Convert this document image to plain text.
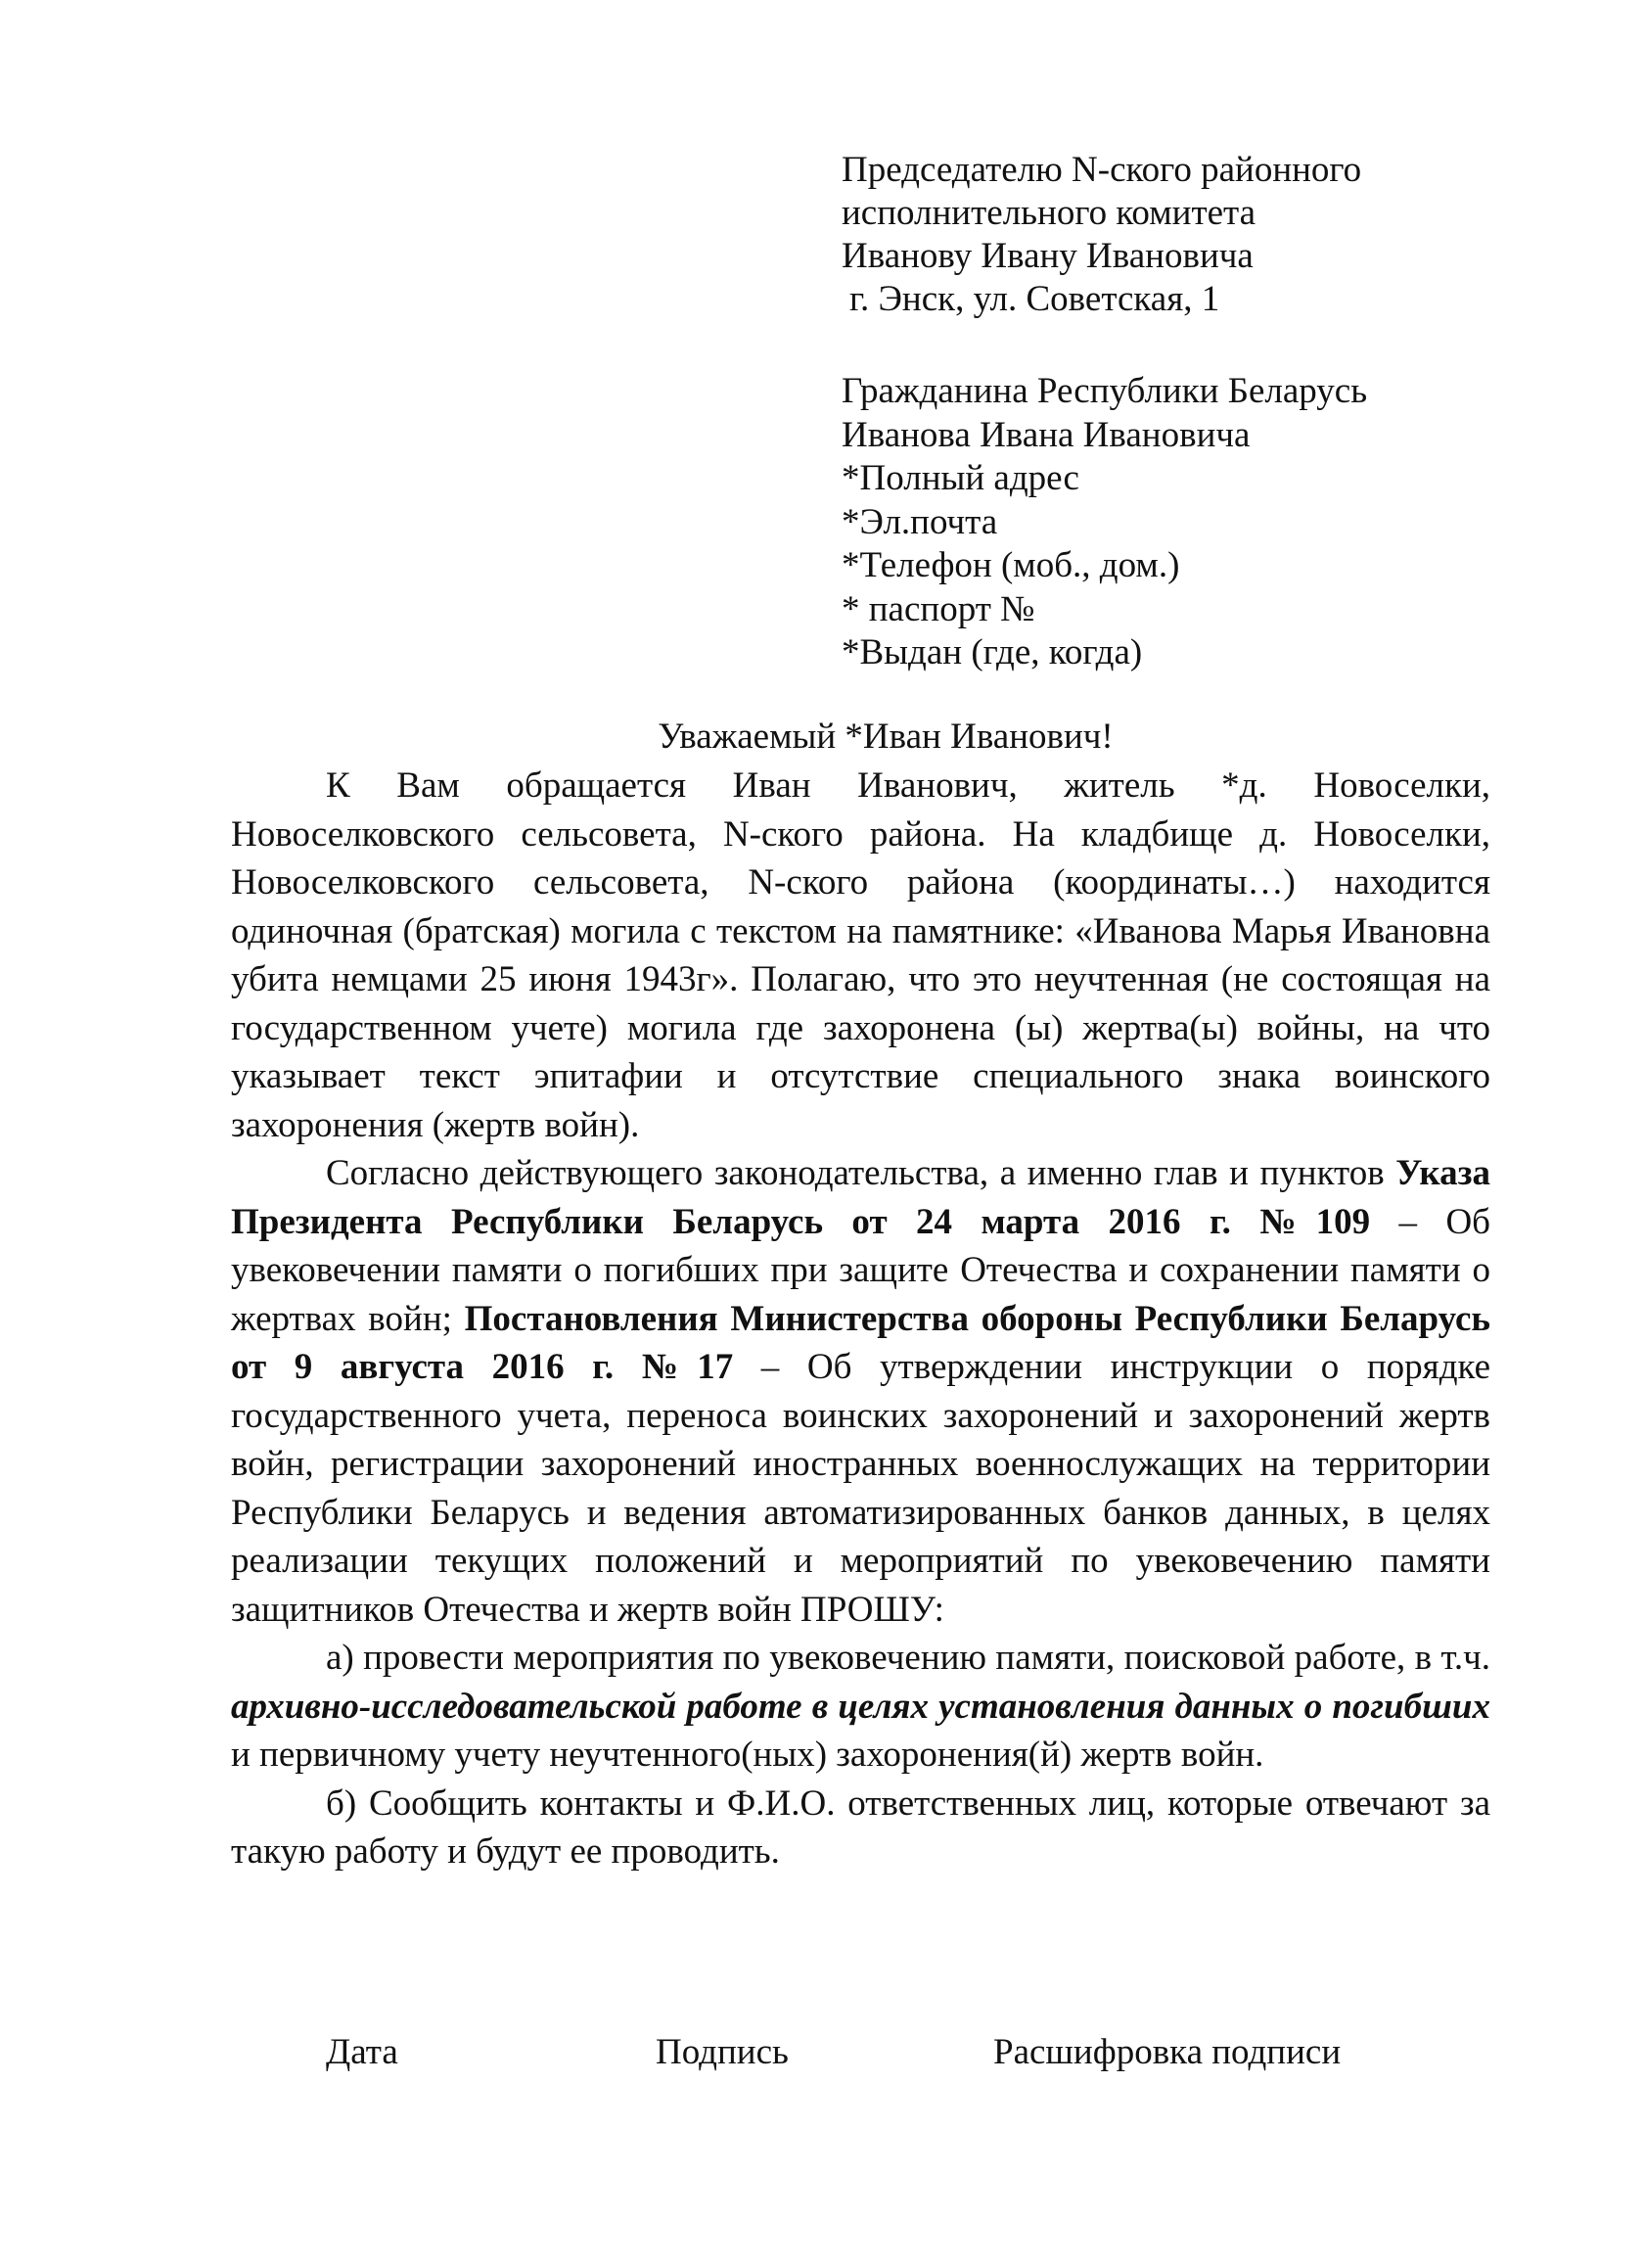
Председателю N-ского районного
исполнительного комитета
Иванову Ивану Ивановича
г. Энск, ул. Советская, 1
Гражданина Республики Беларусь
Иванова Ивана Ивановича
*Полный адрес
*Эл.почта
*Телефон (моб., дом.)
* паспорт №
*Выдан (где, когда)
Уважаемый *Иван Иванович!

К Вам обращается Иван Иванович, житель *д. Новоселки, Новоселковского сельсовета, N-ского района. На кладбище д. Новоселки, Новоселковского сельсовета, N-ского района (координаты…) находится одиночная (братская) могила с текстом на памятнике: «Иванова Марья Ивановна убита немцами 25 июня 1943г». Полагаю, что это неучтенная (не состоящая на государственном учете) могила где захоронена (ы) жертва(ы) войны, на что указывает текст эпитафии и отсутствие специального знака воинского захоронения (жертв войн).

Согласно действующего законодательства, а именно глав и пунктов Указа Президента Республики Беларусь от 24 марта 2016 г. №109 – Об увековечении памяти о погибших при защите Отечества и сохранении памяти о жертвах войн; Постановления Министерства обороны Республики Беларусь от 9 августа 2016 г. №17 – Об утверждении инструкции о порядке государственного учета, переноса воинских захоронений и захоронений жертв войн, регистрации захоронений иностранных военнослужащих на территории Республики Беларусь и ведения автоматизированных банков данных, в целях реализации текущих положений и мероприятий по увековечению памяти защитников Отечества и жертв войн ПРОШУ:

а) провести мероприятия по увековечению памяти, поисковой работе, в т.ч. архивно-исследовательской работе в целях установления данных о погибших и первичному учету неучтенного(ных) захоронения(й) жертв войн.

б) Сообщить контакты и Ф.И.О. ответственных лиц, которые отвечают за такую работу и будут ее проводить.

Дата	Подпись	Расшифровка подписи
